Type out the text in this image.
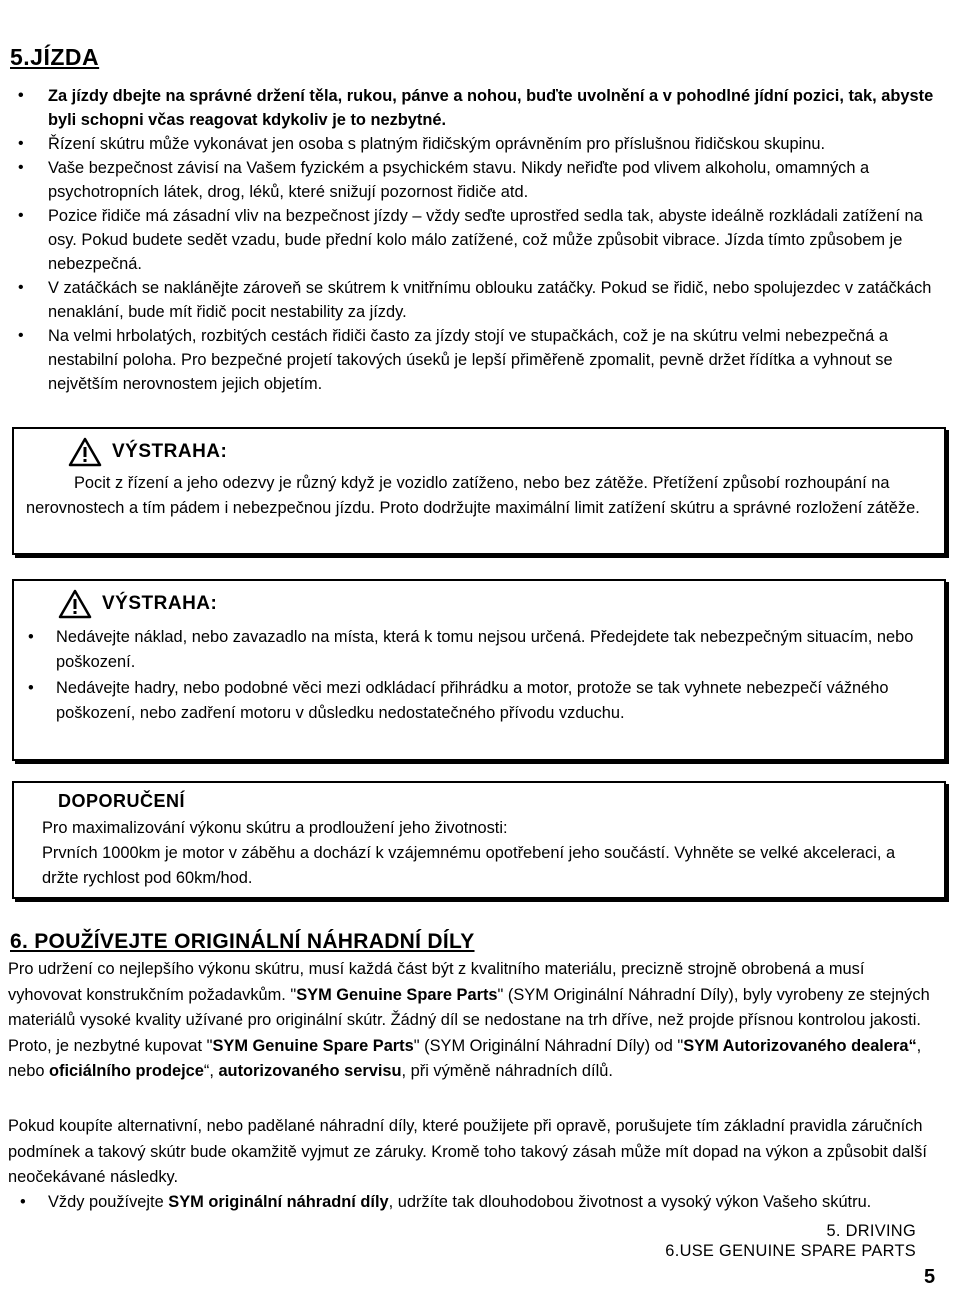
5.JÍZDA
• Za jízdy dbejte na správné držení těla, rukou, pánve a nohou, buďte uvolnění a v pohodlné jídní pozici, tak, abyste byli schopni včas reagovat kdykoliv je to nezbytné.
• Řízení skútru může vykonávat jen osoba s platným řidičským oprávněním pro příslušnou řidičskou skupinu.
• Vaše bezpečnost závisí na Vašem fyzickém a psychickém stavu. Nikdy neřiďte pod vlivem alkoholu, omamných a psychotropních látek, drog, léků, které snižují pozornost řidiče atd.
• Pozice řidiče má zásadní vliv na bezpečnost jízdy – vždy seďte uprostřed sedla tak, abyste ideálně rozkládali zatížení na osy. Pokud budete sedět vzadu, bude přední kolo málo zatížené, což může způsobit vibrace. Jízda tímto způsobem je nebezpečná.
• V zatáčkách se nakláněјte zároveň se skútrem k vnitřnímu oblouku zatáčky. Pokud se řidič, nebo spolujezdec v zatáčkách nenaklání, bude mít řidič pocit nestability za jízdy.
• Na velmi hrbolatých, rozbitých cestách řidiči často za jízdy stojí ve stupačkách, což je na skútru velmi nebezpečná a nestabilní poloha. Pro bezpečné projetí takových úseků je lepší přiměřeně zpomalit, pevně držet řídítka a vyhnout se největším nerovnostem jejich objetím.
VÝSTRAHA:
Pocit z řízení a jeho odezvy je různý když je vozidlo zatíženo, nebo bez zátěže. Přetížení způsobí rozhoupání na nerovnostech a tím pádem i nebezpečnou jízdu. Proto dodržujte maximální limit zatížení skútru a správné rozložení zátěže.
VÝSTRAHA:
• Nedávejte náklad, nebo zavazadlo na místa, která k tomu nejsou určená. Předejdete tak nebezpečným situacím, nebo poškození.
• Nedávejte hadry, nebo podobné věci mezi odkládací přihrádku a motor, protože se tak vyhnete nebezpečí vážného poškození, nebo zadření motoru v důsledku nedostatečného přívodu vzduchu.
DOPORUČENÍ
Pro maximalizování výkonu skútru a prodloužení jeho životnosti:
Prvních 1000km je motor v záběhu a dochází k vzájemnému opotřebení jeho součástí. Vyhněte se velké akceleraci, a držte rychlost pod 60km/hod.
6. POUŽÍVEJTE ORIGINÁLNÍ NÁHRADNÍ DÍLY
Pro udržení co nejlepšího výkonu skútru, musí každá část být z kvalitního materiálu, precizně strojně obrobená a musí vyhovovat konstrukčním požadavkům. "SYM Genuine Spare Parts" (SYM Originální Náhradní Díly), byly vyrobeny ze stejných materiálů vysoké kvality užívané pro originální skútr. Žádný díl se nedostane na trh dříve, než projde přísnou kontrolou jakosti. Proto, je nezbytné kupovat "SYM Genuine Spare Parts" (SYM Originální Náhradní Díly) od "SYM Autorizovaného dealera“, nebo oficiálního prodejce“, autorizovaného servisu, při výměně náhradních dílů.
Pokud koupíte alternativní, nebo padělané náhradní díly, které použijete při opravě, porušujete tím základní pravidla záručních podmínek a takový skútr bude okamžitě vyjmut ze záruky. Kromě toho takový zásah může mít dopad na výkon a způsobit další neočekávané následky.
• Vždy používejte SYM originální náhradní díly, udržíte tak dlouhodobou životnost a vysoký výkon Vašeho skútru.
5. DRIVING
6.USE GENUINE SPARE PARTS
5
